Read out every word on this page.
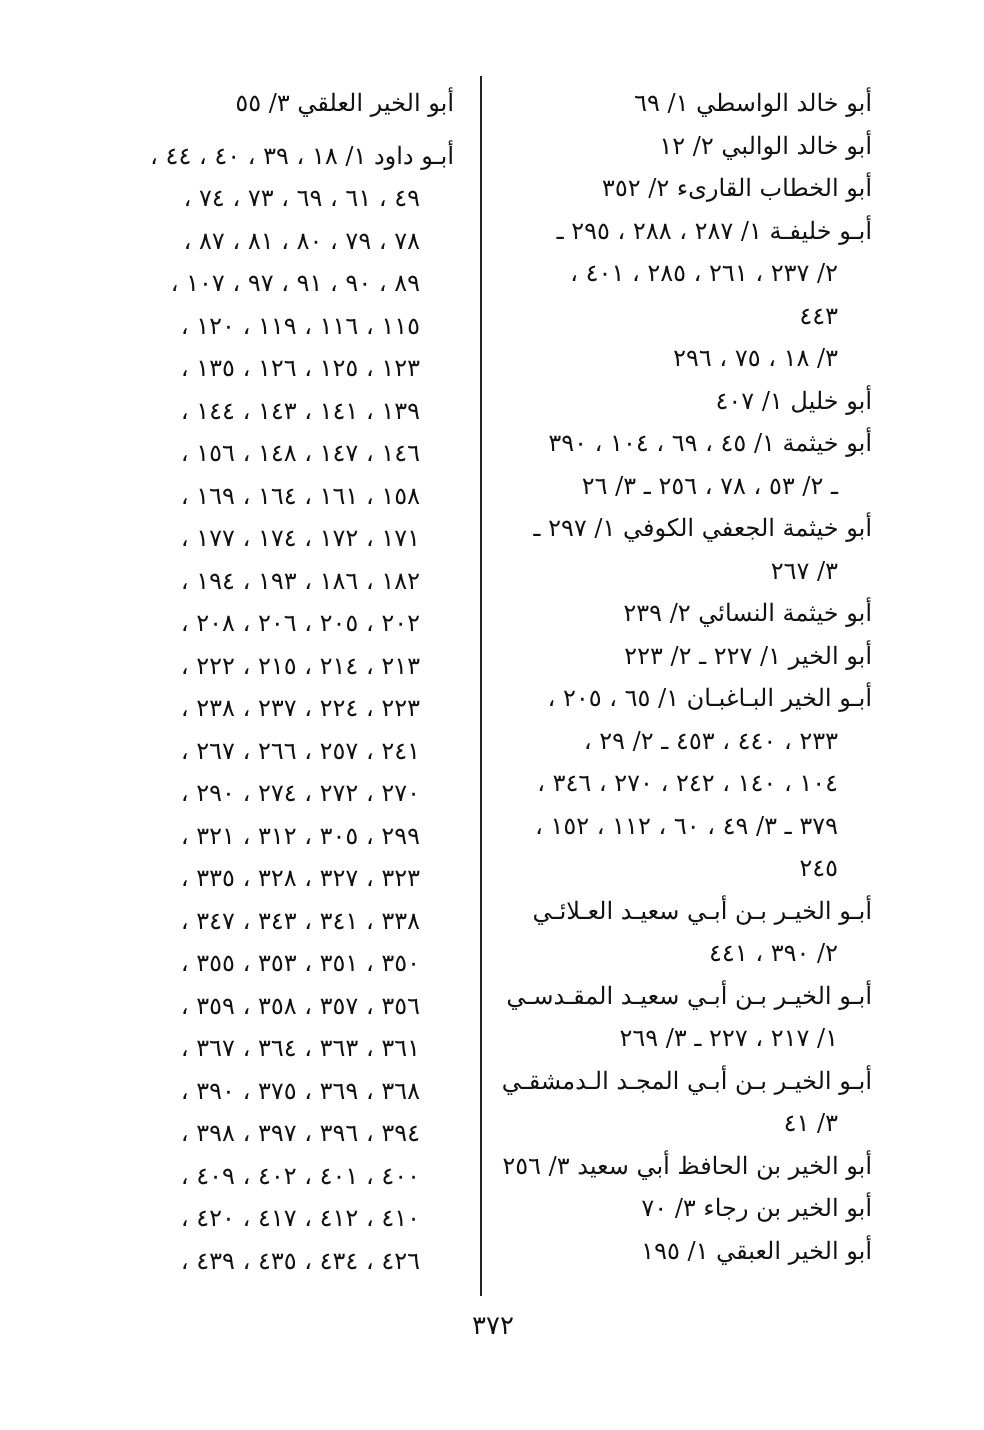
أبو خالد الواسطي ١/ ٦٩
أبو خالد الوالبي ٢/ ١٢
أبو الخطاب القارىء ٢/ ٣٥٢
أبـو خليفـة ١/ ٢٨٧ ، ٢٨٨ ، ٢٩٥ ـ
٢/ ٢٣٧ ، ٢٦١ ، ٢٨٥ ، ٤٠١ ،
٤٤٣
٣/ ١٨ ، ٧٥ ، ٢٩٦
أبو خليل ١/ ٤٠٧
أبو خيثمة ١/ ٤٥ ، ٦٩ ، ١٠٤ ، ٣٩٠
ـ ٢/ ٥٣ ، ٧٨ ، ٢٥٦ ـ ٣/ ٢٦
أبو خيثمة الجعفي الكوفي ١/ ٢٩٧ ـ
٣/ ٢٦٧
أبو خيثمة النسائي ٢/ ٢٣٩
أبو الخير ١/ ٢٢٧ ـ ٢/ ٢٢٣
أبـو الخير البـاغبـان ١/ ٦٥ ، ٢٠٥ ،
٢٣٣ ، ٤٤٠ ، ٤٥٣ ـ ٢/ ٢٩ ،
١٠٤ ، ١٤٠ ، ٢٤٢ ، ٢٧٠ ، ٣٤٦ ،
٣٧٩ ـ ٣/ ٤٩ ، ٦٠ ، ١١٢ ، ١٥٢ ،
٢٤٥
أبـو الخيـر بـن أبـي سعيـد العـلائـي
٢/ ٣٩٠ ، ٤٤١
أبـو الخيـر بـن أبـي سعيـد المقـدسـي
١/ ٢١٧ ، ٢٢٧ ـ ٣/ ٢٦٩
أبـو الخيـر بـن أبـي المجـد الـدمشقـي
٣/ ٤١
أبو الخير بن الحافظ أبي سعيد ٣/ ٢٥٦
أبو الخير بن رجاء ٣/ ٧٠
أبو الخير العبقي ١/ ١٩٥
أبو الخير العلقي ٣/ ٥٥
أبـو داود ١/ ١٨ ، ٣٩ ، ٤٠ ، ٤٤ ،
٤٩ ، ٦١ ، ٦٩ ، ٧٣ ، ٧٤ ،
٧٨ ، ٧٩ ، ٨٠ ، ٨١ ، ٨٧ ،
٨٩ ، ٩٠ ، ٩١ ، ٩٧ ، ١٠٧ ،
١١٥ ، ١١٦ ، ١١٩ ، ١٢٠ ،
١٢٣ ، ١٢٥ ، ١٢٦ ، ١٣٥ ،
١٣٩ ، ١٤١ ، ١٤٣ ، ١٤٤ ،
١٤٦ ، ١٤٧ ، ١٤٨ ، ١٥٦ ،
١٥٨ ، ١٦١ ، ١٦٤ ، ١٦٩ ،
١٧١ ، ١٧٢ ، ١٧٤ ، ١٧٧ ،
١٨٢ ، ١٨٦ ، ١٩٣ ، ١٩٤ ،
٢٠٢ ، ٢٠٥ ، ٢٠٦ ، ٢٠٨ ،
٢١٣ ، ٢١٤ ، ٢١٥ ، ٢٢٢ ،
٢٢٣ ، ٢٢٤ ، ٢٣٧ ، ٢٣٨ ،
٢٤١ ، ٢٥٧ ، ٢٦٦ ، ٢٦٧ ،
٢٧٠ ، ٢٧٢ ، ٢٧٤ ، ٢٩٠ ،
٢٩٩ ، ٣٠٥ ، ٣١٢ ، ٣٢١ ،
٣٢٣ ، ٣٢٧ ، ٣٢٨ ، ٣٣٥ ،
٣٣٨ ، ٣٤١ ، ٣٤٣ ، ٣٤٧ ،
٣٥٠ ، ٣٥١ ، ٣٥٣ ، ٣٥٥ ،
٣٥٦ ، ٣٥٧ ، ٣٥٨ ، ٣٥٩ ،
٣٦١ ، ٣٦٣ ، ٣٦٤ ، ٣٦٧ ،
٣٦٨ ، ٣٦٩ ، ٣٧٥ ، ٣٩٠ ،
٣٩٤ ، ٣٩٦ ، ٣٩٧ ، ٣٩٨ ،
٤٠٠ ، ٤٠١ ، ٤٠٢ ، ٤٠٩ ،
٤١٠ ، ٤١٢ ، ٤١٧ ، ٤٢٠ ،
٤٢٦ ، ٤٣٤ ، ٤٣٥ ، ٤٣٩ ،
٣٧٢
